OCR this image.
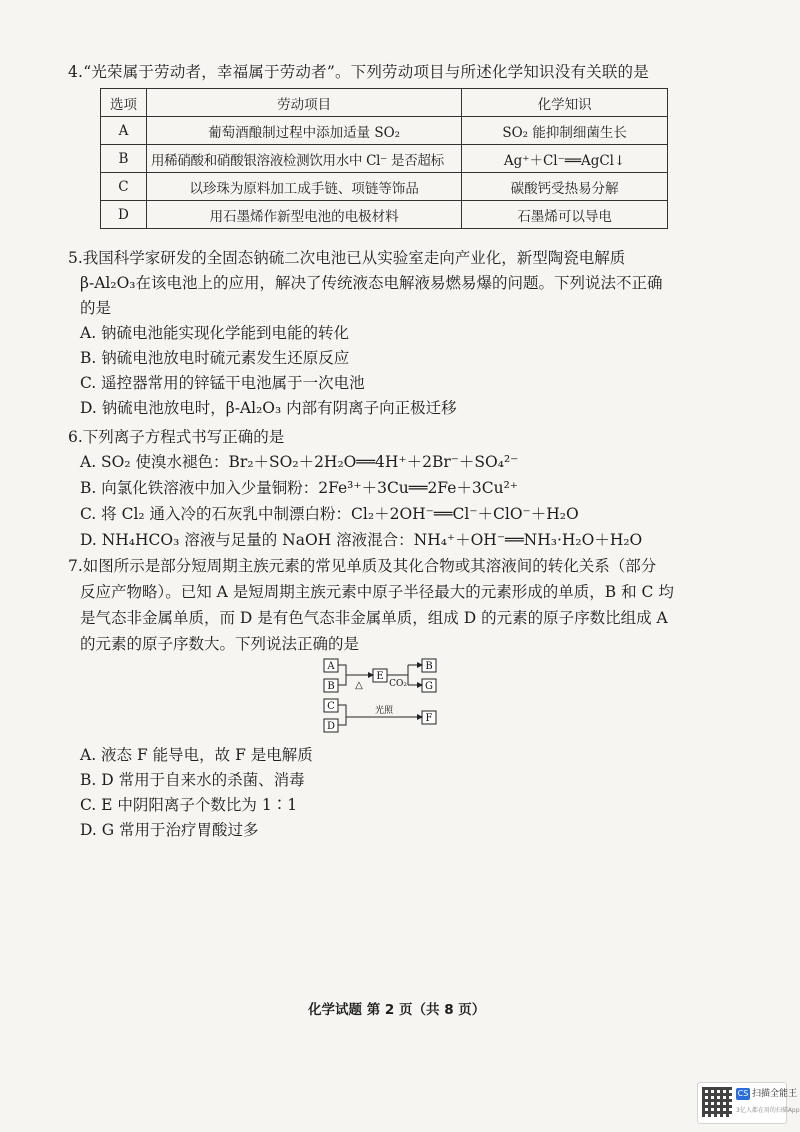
4.“光荣属于劳动者，幸福属于劳动者”。下列劳动项目与所述化学知识没有关联的是
选项	劳动项目	化学知识
A	葡萄酒酿制过程中添加适量 SO₂	SO₂ 能抑制细菌生长
B	用稀硝酸和硝酸银溶液检测饮用水中 Cl⁻ 是否超标	Ag⁺＋Cl⁻══AgCl↓
C	以珍珠为原料加工成手链、项链等饰品	碳酸钙受热易分解
D	用石墨烯作新型电池的电极材料	石墨烯可以导电
5.我国科学家研发的全固态钠硫二次电池已从实验室走向产业化，新型陶瓷电解质
β-Al₂O₃在该电池上的应用，解决了传统液态电解液易燃易爆的问题。下列说法不正确
的是
A. 钠硫电池能实现化学能到电能的转化
B. 钠硫电池放电时硫元素发生还原反应
C. 遥控器常用的锌锰干电池属于一次电池
D. 钠硫电池放电时，β-Al₂O₃ 内部有阴离子向正极迁移
6.下列离子方程式书写正确的是
A. SO₂ 使溴水褪色：Br₂＋SO₂＋2H₂O══4H⁺＋2Br⁻＋SO₄²⁻
B. 向氯化铁溶液中加入少量铜粉：2Fe³⁺＋3Cu══2Fe＋3Cu²⁺
C. 将 Cl₂ 通入冷的石灰乳中制漂白粉：Cl₂＋2OH⁻══Cl⁻＋ClO⁻＋H₂O
D. NH₄HCO₃ 溶液与足量的 NaOH 溶液混合：NH₄⁺＋OH⁻══NH₃·H₂O＋H₂O
7.如图所示是部分短周期主族元素的常见单质及其化合物或其溶液间的转化关系（部分
反应产物略）。已知 A 是短周期主族元素中原子半径最大的元素形成的单质，B 和 C 均
是气态非金属单质，而 D 是有色气态非金属单质，组成 D 的元素的原子序数比组成 A
的元素的原子序数大。下列说法正确的是
A
B
C
D
E
B
G
F
△	CO₂
光照
A. 液态 F 能导电，故 F 是电解质
B. D 常用于自来水的杀菌、消毒
C. E 中阴阳离子个数比为 1∶1
D. G 常用于治疗胃酸过多
化学试题 第 2 页（共 8 页）
CS 扫描全能王
3亿人都在用的扫描App
